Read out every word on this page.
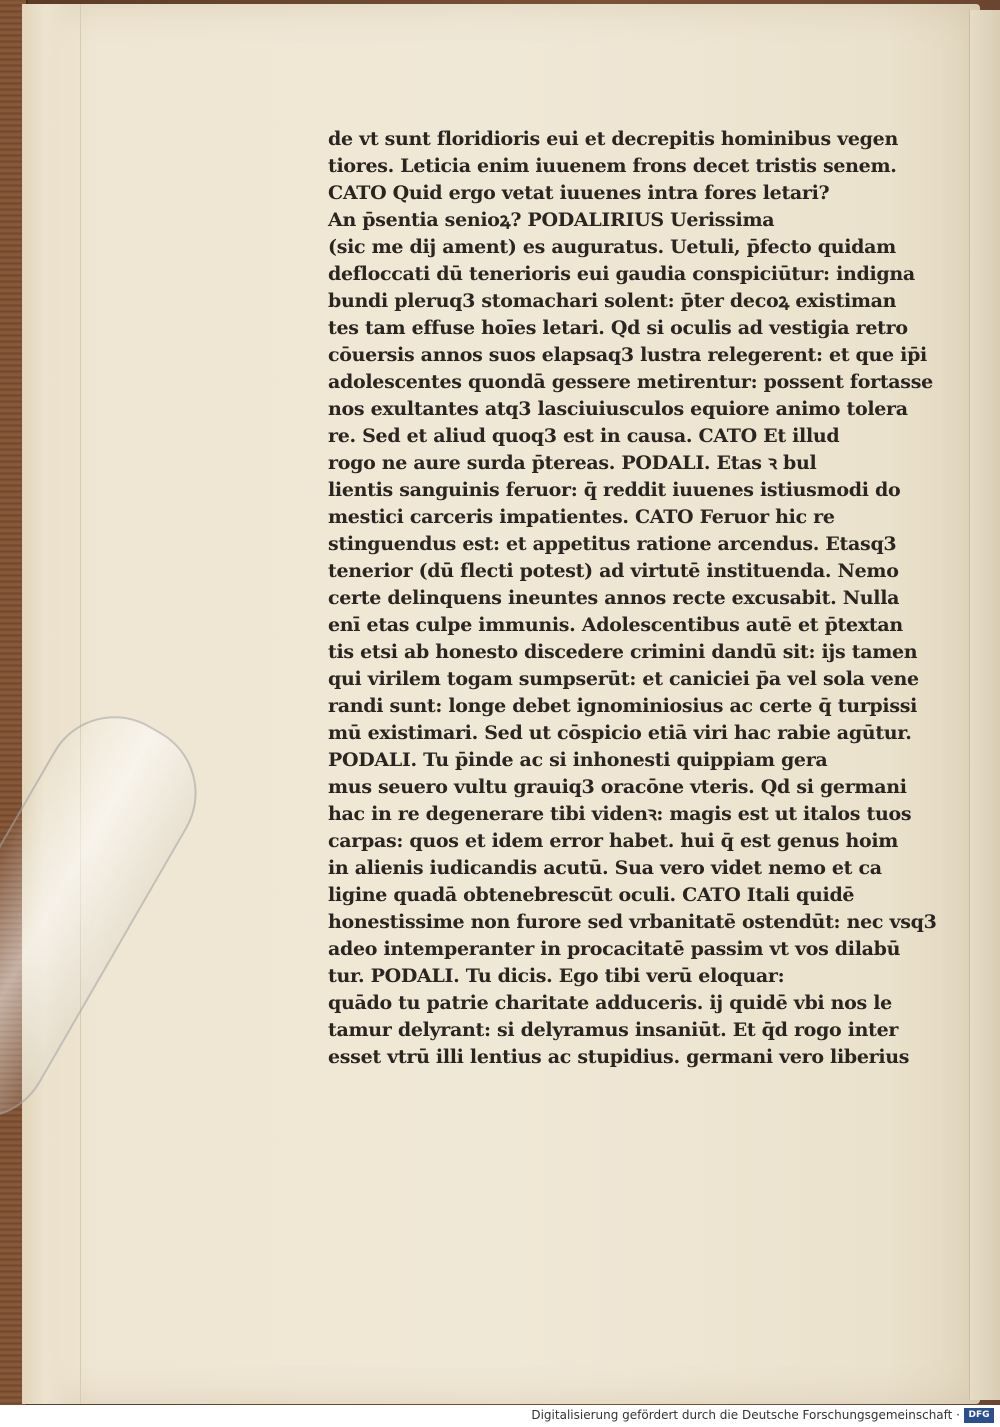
de vt sunt floridioris eui et decrepitis hominibus vegen

tiores. Leticia enim iuuenem frons decet tristis senem.

CATO Quid ergo vetat iuuenes intra fores letari?

An p̄sentia senioꝝ? PODALIRIUS Uerissima

(sic me dij ament) es auguratus. Uetuli, p̄fecto quidam

defloccati dū tenerioris eui gaudia conspiciūtur: indigna

bundi pleruq3 stomachari solent: p̄ter decoꝝ existiman

tes tam effuse hoīes letari. Qd si oculis ad vestigia retro

cōuersis annos suos elapsaq3 lustra relegerent: et que ip̄i

adolescentes quondā gessere metirentur: possent fortasse

nos exultantes atq3 lasciuiusculos equiore animo tolera

re. Sed et aliud quoq3 est in causa. CATO Et illud

rogo ne aure surda p̄tereas. PODALI. Etas ꝛ bul

lientis sanguinis feruor: q̄ reddit iuuenes istiusmodi do

mestici carceris impatientes. CATO Feruor hic re

stinguendus est: et appetitus ratione arcendus. Etasq3

tenerior (dū flecti potest) ad virtutē instituenda. Nemo

certe delinquens ineuntes annos recte excusabit. Nulla

enī etas culpe immunis. Adolescentibus autē et p̄textan

tis etsi ab honesto discedere crimini dandū sit: ijs tamen

qui virilem togam sumpserūt: et caniciei p̄a vel sola vene

randi sunt: longe debet ignominiosius ac certe q̄ turpissi

mū existimari. Sed ut cōspicio etiā viri hac rabie agūtur.

PODALI. Tu p̄inde ac si inhonesti quippiam gera

mus seuero vultu grauiq3 oracōne vteris. Qd si germani

hac in re degenerare tibi videnꝛ: magis est ut italos tuos

carpas: quos et idem error habet. hui q̄ est genus hoim

in alienis iudicandis acutū. Sua vero videt nemo et ca

ligine quadā obtenebrescūt oculi. CATO Itali quidē

honestissime non furore sed vrbanitatē ostendūt: nec vsq3

adeo intemperanter in procacitatē passim vt vos dilabū

tur. PODALI. Tu dicis. Ego tibi verū eloquar:

quādo tu patrie charitate adduceris. ij quidē vbi nos le

tamur delyrant: si delyramus insaniūt. Et q̄d rogo inter

esset vtrū illi lentius ac stupidius. germani vero liberius

Digitalisierung gefördert durch die Deutsche Forschungsgemeinschaft · DFG
